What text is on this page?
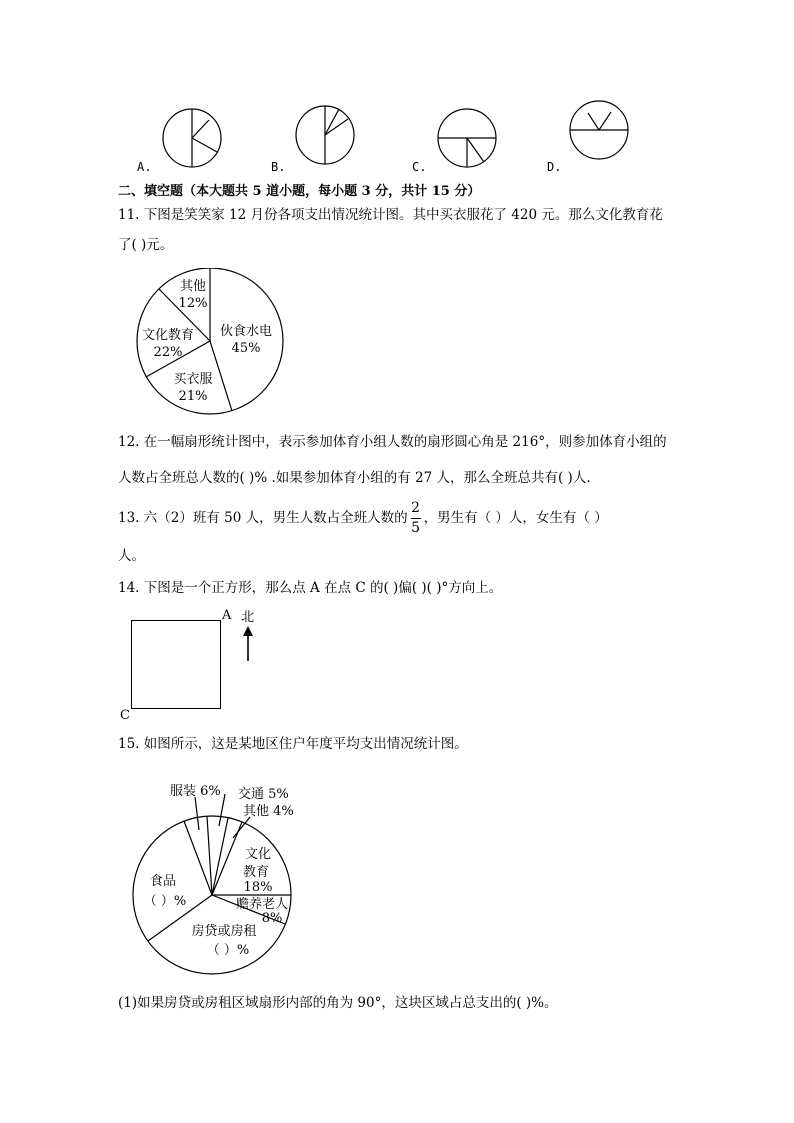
A.	B.	C.	D.
二、填空题（本大题共 5 道小题，每小题 3 分，共计 15 分）
11. 下图是笑笑家 12 月份各项支出情况统计图。其中买衣服花了 420 元。那么文化教育花
了( )元。
伙食水电
45%
买衣服
21%
文化教育
22%
其他
12%
12. 在一幅扇形统计图中，表示参加体育小组人数的扇形圆心角是 216°，则参加体育小组的
人数占全班总人数的( )% .如果参加体育小组的有 27 人，那么全班总共有( )人.
13. 六（2）班有 50 人，男生人数占全班人数的 $\frac{2}{5}$ ，男生有（ ）人，女生有（ ）
人。
14. 下图是一个正方形，那么点 A 在点 C 的( )偏( )( )°方向上。
A
C
北
15. 如图所示，这是某地区住户年度平均支出情况统计图。
服装 6% 交通 5%
其他 4%
文化
教育
18%
赡养老人
8%
房贷或房租
（ ）%
食品
（ ）%
(1)如果房贷或房租区域扇形内部的角为 90°，这块区域占总支出的( )%。
